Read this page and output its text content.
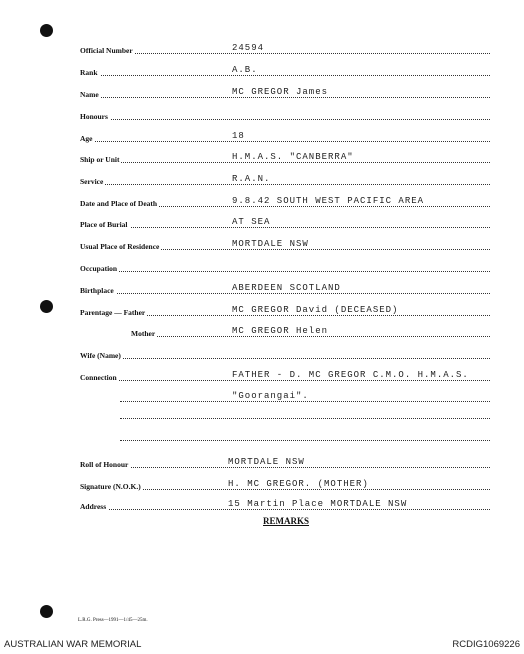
Official Number	24594
Rank	A.B.
Name	MC GREGOR James
Honours
Age	18
Ship or Unit	H.M.A.S. "CANBERRA"
Service	R.A.N.
Date and Place of Death	9.8.42 SOUTH WEST PACIFIC AREA
Place of Burial	AT SEA
Usual Place of Residence	MORTDALE NSW
Occupation
Birthplace	ABERDEEN SCOTLAND
Parentage — Father	MC GREGOR David (DECEASED)
Mother	MC GREGOR Helen
Wife (Name)
Connection	FATHER - D. MC GREGOR C.M.O. H.M.A.S.
"Goorangai".
Roll of Honour	MORTDALE NSW
Signature (N.O.K.)	H. MC GREGOR. (MOTHER)
Address	15 Martin Place MORTDALE NSW
REMARKS
L.R.G. Press—1991—1/45—25m.
AUSTRALIAN WAR MEMORIAL	RCDIG1069226
